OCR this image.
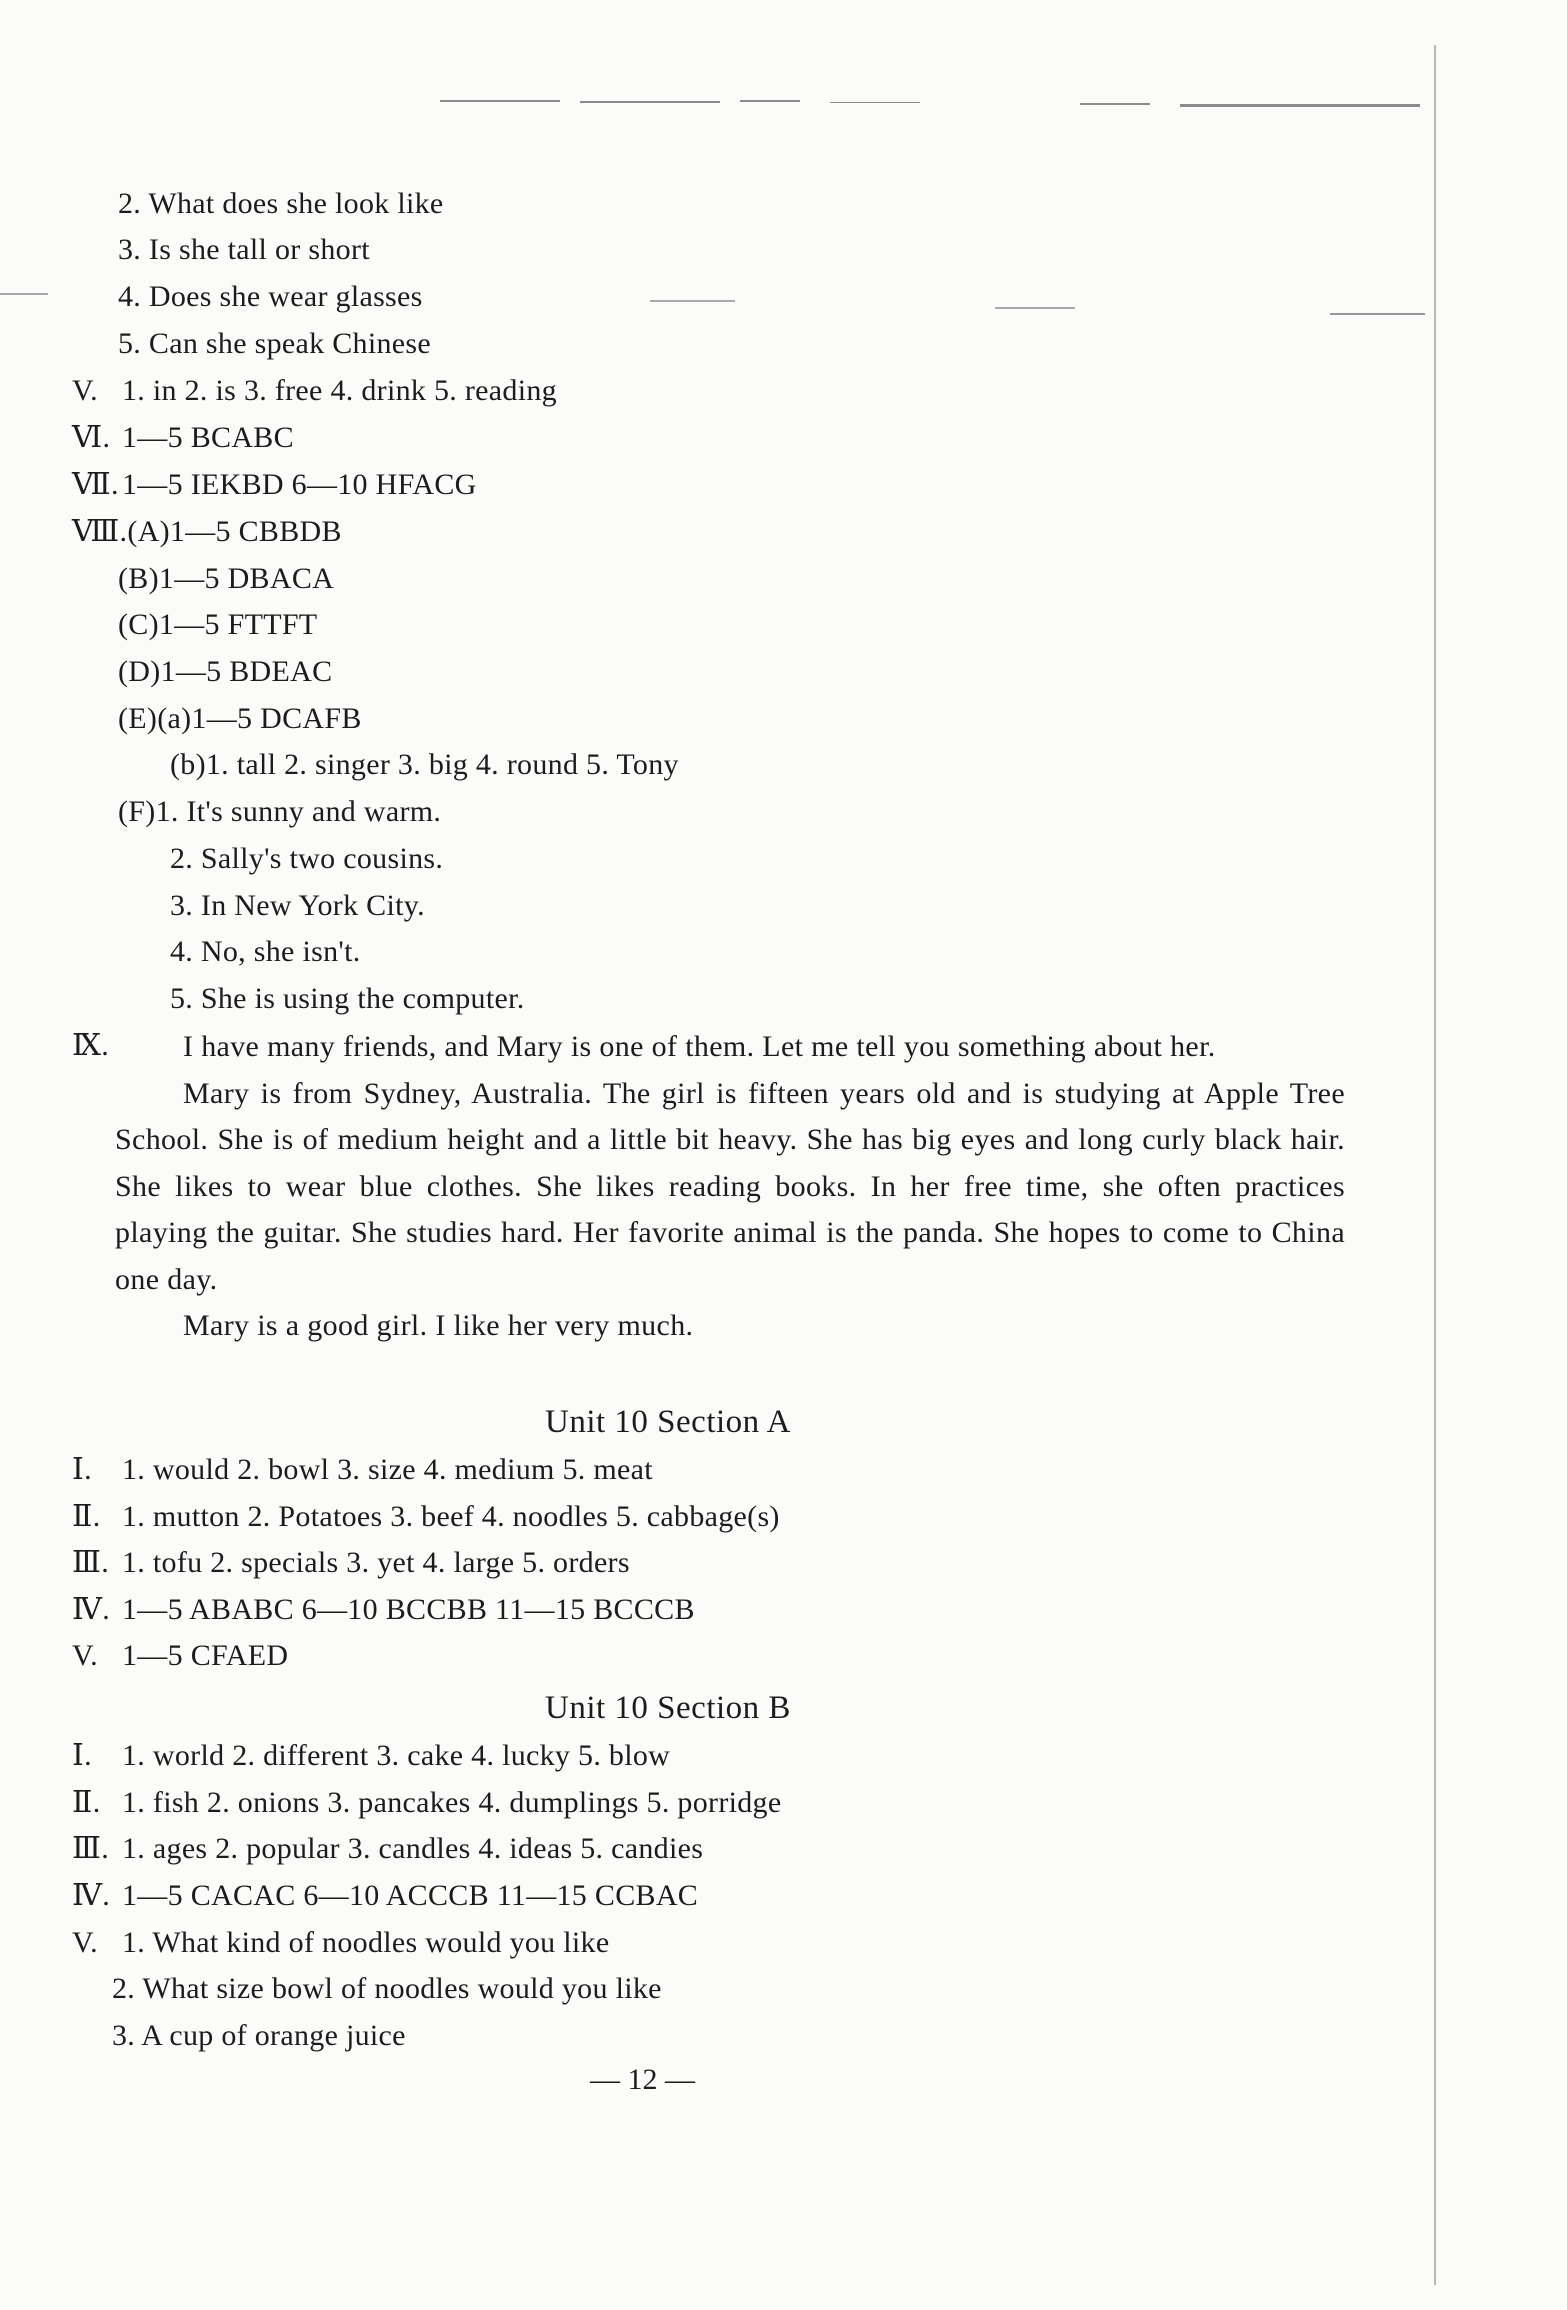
2. What does she look like
3. Is she tall or short
4. Does she wear glasses
5. Can she speak Chinese
V. 1. in 2. is 3. free 4. drink 5. reading
Ⅵ. 1—5 BCABC
Ⅶ. 1—5 IEKBD 6—10 HFACG
Ⅷ.(A)1—5 CBBDB
(B)1—5 DBACA
(C)1—5 FTTFT
(D)1—5 BDEAC
(E)(a)1—5 DCAFB
(b)1. tall 2. singer 3. big 4. round 5. Tony
(F)1. It's sunny and warm.
2. Sally's two cousins.
3. In New York City.
4. No, she isn't.
5. She is using the computer.
Ⅸ.	I have many friends, and Mary is one of them. Let me tell you something about her.

Mary is from Sydney, Australia. The girl is fifteen years old and is studying at Apple Tree School. She is of medium height and a little bit heavy. She has big eyes and long curly black hair. She likes to wear blue clothes. She likes reading books. In her free time, she often practices playing the guitar. She studies hard. Her favorite animal is the panda. She hopes to come to China one day.

Mary is a good girl. I like her very much.

Unit 10 Section A
Ⅰ. 1. would 2. bowl 3. size 4. medium 5. meat
Ⅱ. 1. mutton 2. Potatoes 3. beef 4. noodles 5. cabbage(s)
Ⅲ. 1. tofu 2. specials 3. yet 4. large 5. orders
Ⅳ. 1—5 ABABC 6—10 BCCBB 11—15 BCCCB
V. 1—5 CFAED
Unit 10 Section B
Ⅰ. 1. world 2. different 3. cake 4. lucky 5. blow
Ⅱ. 1. fish 2. onions 3. pancakes 4. dumplings 5. porridge
Ⅲ. 1. ages 2. popular 3. candles 4. ideas 5. candies
Ⅳ. 1—5 CACAC 6—10 ACCCB 11—15 CCBAC
V. 1. What kind of noodles would you like
2. What size bowl of noodles would you like
3. A cup of orange juice
— 12 —
